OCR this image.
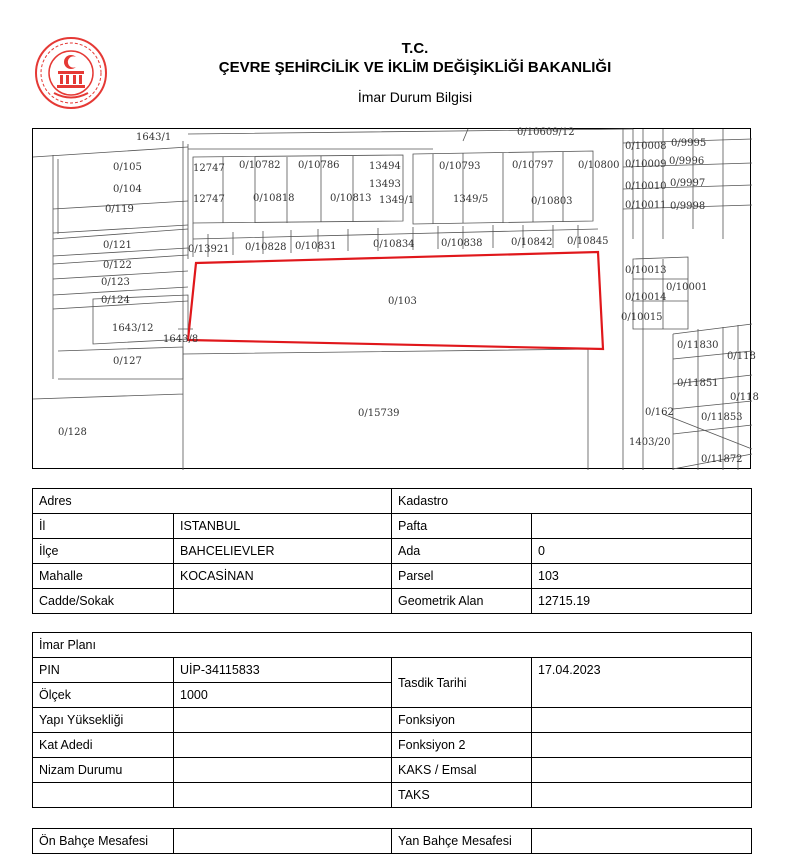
T.C.
ÇEVRE ŞEHİRCİLİK VE İKLİM DEĞİŞİKLİĞİ BAKANLIĞI
İmar Durum Bilgisi
1643/1	0/10609/12
0/10008 0/9995
0/105	12747 0/10782 0/10786	13494	0/10793	0/10797 0/10800 0/10009 0/9996
13493
0/104	0/10010 0/9997
12747	0/10818	0/10813 1349/1	1349/5	0/10803
0/119	0/10011 0/9998
0/121	0/13921 0/10828 0/10831	0/10834	0/10838	0/10842 0/10845
0/122	0/10013
0/123	0/10001
0/124	0/10014
0/103
1643/12
0/10015
1643/8
0/11830
0/118
0/127
0/11851
0/118
0/162	0/11853
0/15739
0/128
1403/20
0/11872
Adres		Kadastro	
İl	ISTANBUL	Pafta	
İlçe	BAHCELIEVLER	Ada	0
Mahalle	KOCASİNAN	Parsel	103
Cadde/Sokak		Geometrik Alan	12715.19
İmar Planı			
PIN	UİP-34115833	Tasdik Tarihi	17.04.2023
Ölçek	1000		
Yapı Yüksekliği		Fonksiyon	
Kat Adedi		Fonksiyon 2	
Nizam Durumu		KAKS / Emsal	
		TAKS	
Ön Bahçe Mesafesi		Yan Bahçe Mesafesi	
